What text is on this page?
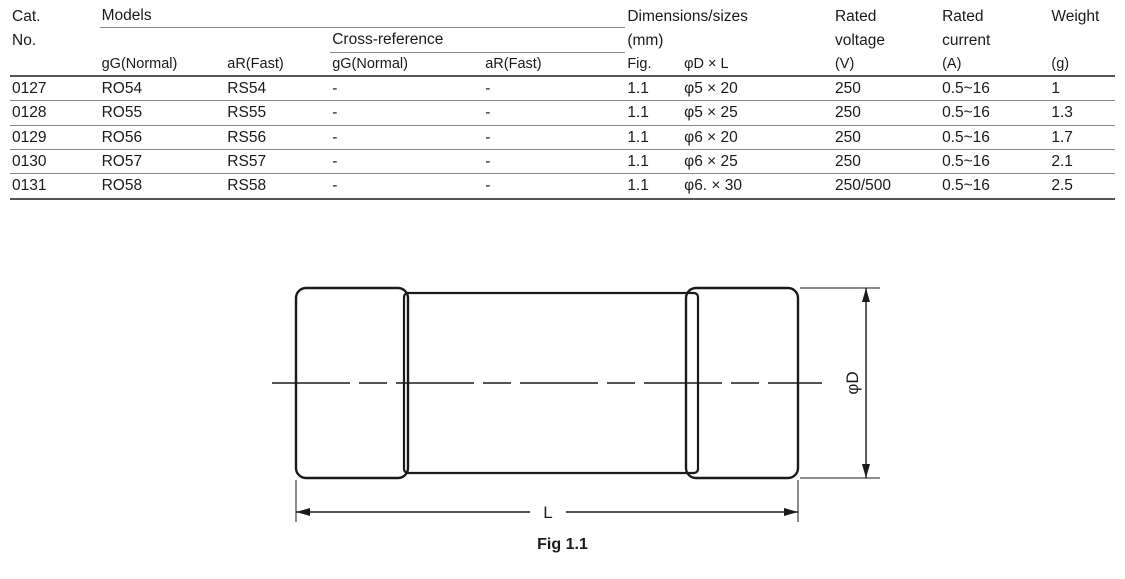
Cat.	Models				Dimensions/sizes		Rated	Rated	Weight
No.			Cross-reference		(mm)		voltage	current	
	gG(Normal)	aR(Fast)	gG(Normal)	aR(Fast)	Fig.	φD × L	(V)	(A)	(g)
0127	RO54	RS54	-	-	1.1	φ5 × 20	250	0.5~16	1
0128	RO55	RS55	-	-	1.1	φ5 × 25	250	0.5~16	1.3
0129	RO56	RS56	-	-	1.1	φ6 × 20	250	0.5~16	1.7
0130	RO57	RS57	-	-	1.1	φ6 × 25	250	0.5~16	2.1
0131	RO58	RS58	-	-	1.1	φ6. × 30	250/500	0.5~16	2.5
L
φD
Fig 1.1
